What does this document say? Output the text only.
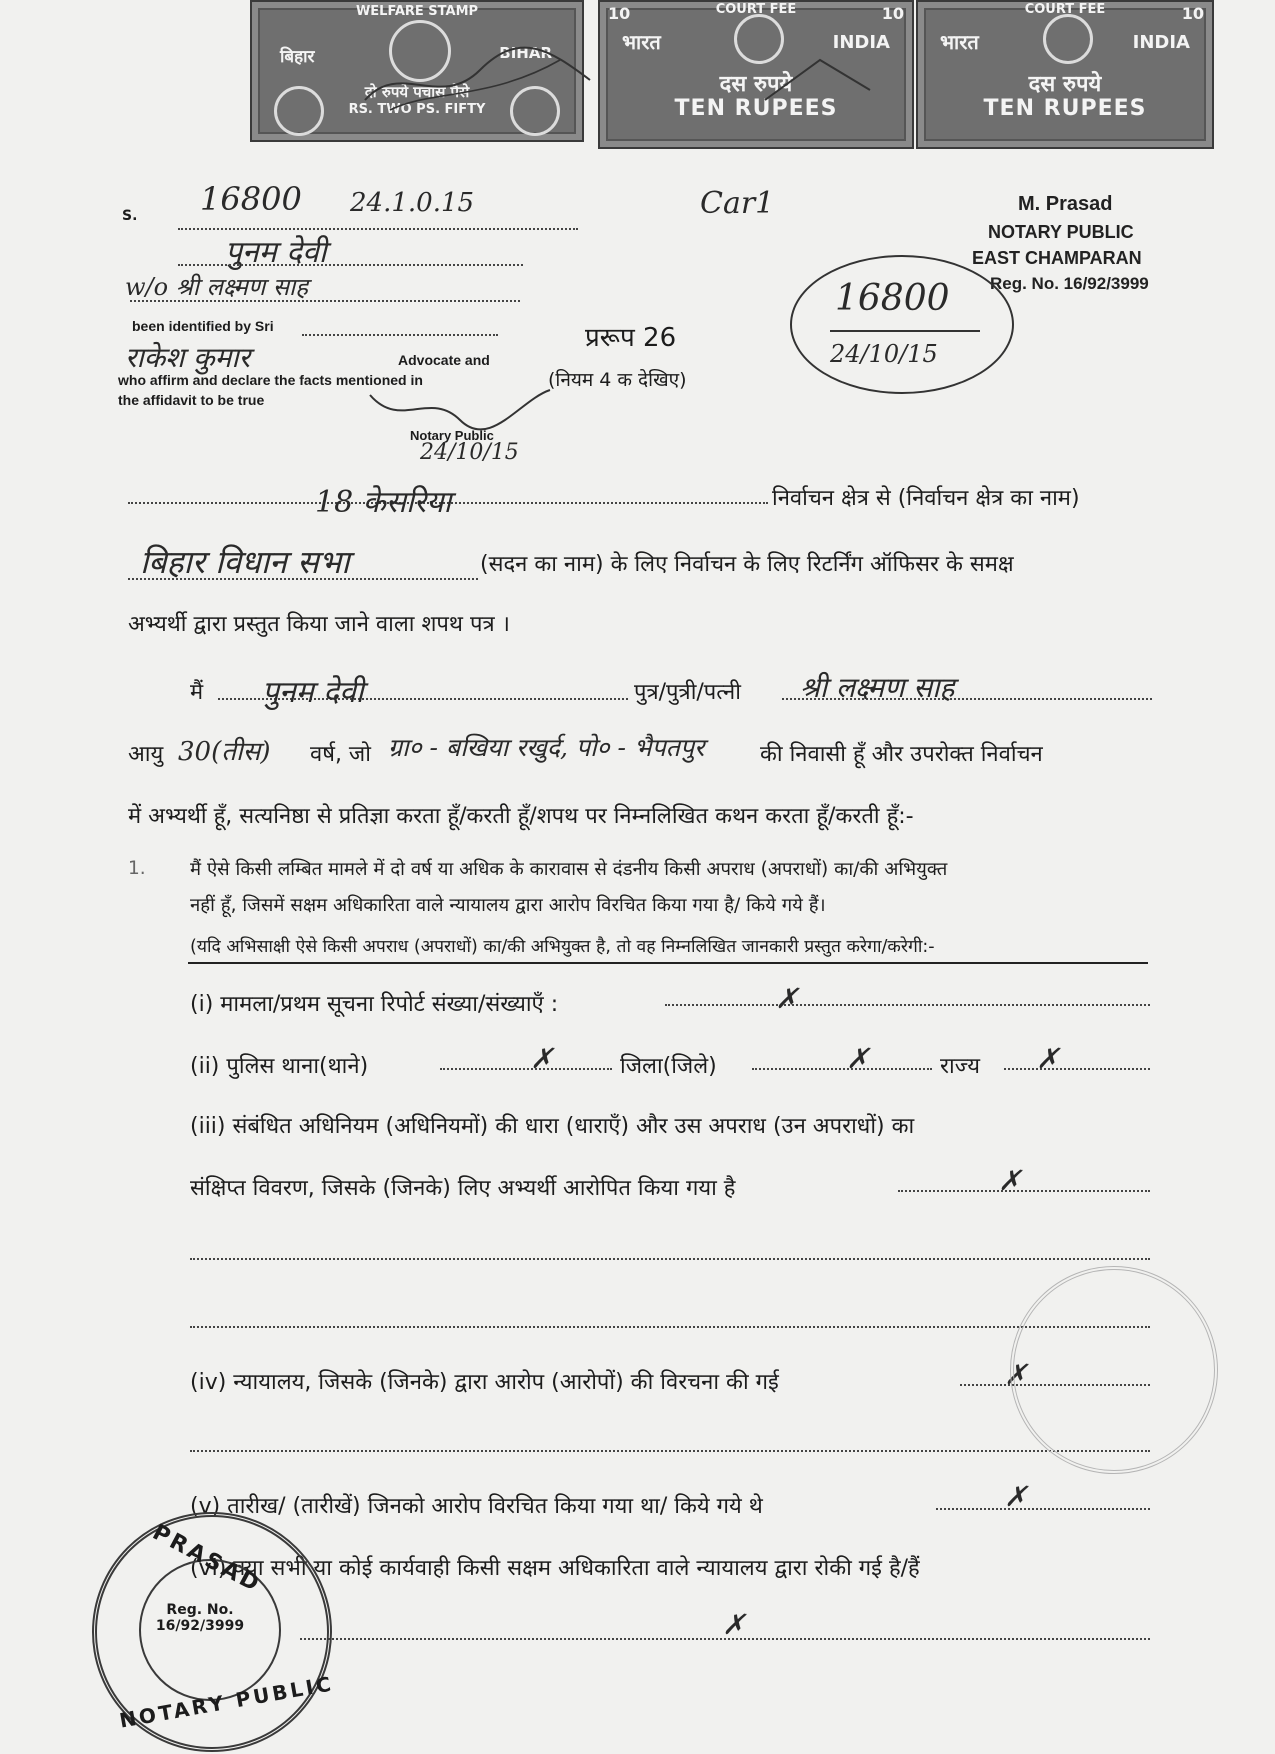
WELFARE STAMP
बिहार	BIHAR
दो रुपये पचास पैसे
RS. TWO PS. FIFTY
COURT FEE
10	10
भारत	INDIA
दस रुपये
TEN RUPEES
COURT FEE	10
भारत	INDIA
दस रुपये
TEN RUPEES
M. Prasad
NOTARY PUBLIC
EAST CHAMPARAN
Reg. No. 16/92/3999
S. 16800 24.1.0.15	Car1
पुनम देवी
w/o श्री लक्ष्मण साह
been identified by Sri
राकेश कुमार	Advocate and
who affirm and declare the facts mentioned in
the affidavit to be true
Notary Public
24/10/15
16800
24/10/15
प्ररूप 26
(नियम 4 क देखिए)
18 केसरिया	निर्वाचन क्षेत्र से (निर्वाचन क्षेत्र का नाम)
बिहार विधान सभा	(सदन का नाम) के लिए निर्वाचन के लिए रिटर्निंग ऑफिसर के समक्ष
अभ्यर्थी द्वारा प्रस्तुत किया जाने वाला शपथ पत्र ।
मैं पुनम देवी	पुत्र/पुत्री/पत्नी श्री लक्ष्मण साह
आयु 30(तीस) वर्ष, जो ग्रा० - बखिया रखुर्द, पो० - भैपतपुर	की निवासी हूँ और उपरोक्त निर्वाचन
में अभ्यर्थी हूँ, सत्यनिष्ठा से प्रतिज्ञा करता हूँ/करती हूँ/शपथ पर निम्नलिखित कथन करता हूँ/करती हूँ:-
1. मैं ऐसे किसी लम्बित मामले में दो वर्ष या अधिक के कारावास से दंडनीय किसी अपराध (अपराधों) का/की अभियुक्त
नहीं हूँ, जिसमें सक्षम अधिकारिता वाले न्यायालय द्वारा आरोप विरचित किया गया है/ किये गये हैं।
(यदि अभिसाक्षी ऐसे किसी अपराध (अपराधों) का/की अभियुक्त है, तो वह निम्नलिखित जानकारी प्रस्तुत करेगा/करेगी:-
(i) मामला/प्रथम सूचना रिपोर्ट संख्या/संख्याएँ :	✗
(ii) पुलिस थाना(थाने)	✗	जिला(जिले)	✗	राज्य ✗
(iii) संबंधित अधिनियम (अधिनियमों) की धारा (धाराएँ) और उस अपराध (उन अपराधों) का
संक्षिप्त विवरण, जिसके (जिनके) लिए अभ्यर्थी आरोपित किया गया है	✗
(iv) न्यायालय, जिसके (जिनके) द्वारा आरोप (आरोपों) की विरचना की गई	✗
(v) तारीख/ (तारीखें) जिनको आरोप विरचित किया गया था/ किये गये थे	✗
(vi) क्या सभी या कोई कार्यवाही किसी सक्षम अधिकारिता वाले न्यायालय द्वारा रोकी गई है/हैं
✗
PRASAD
Reg. No. 16/92/3999
NOTARY PUBLIC
